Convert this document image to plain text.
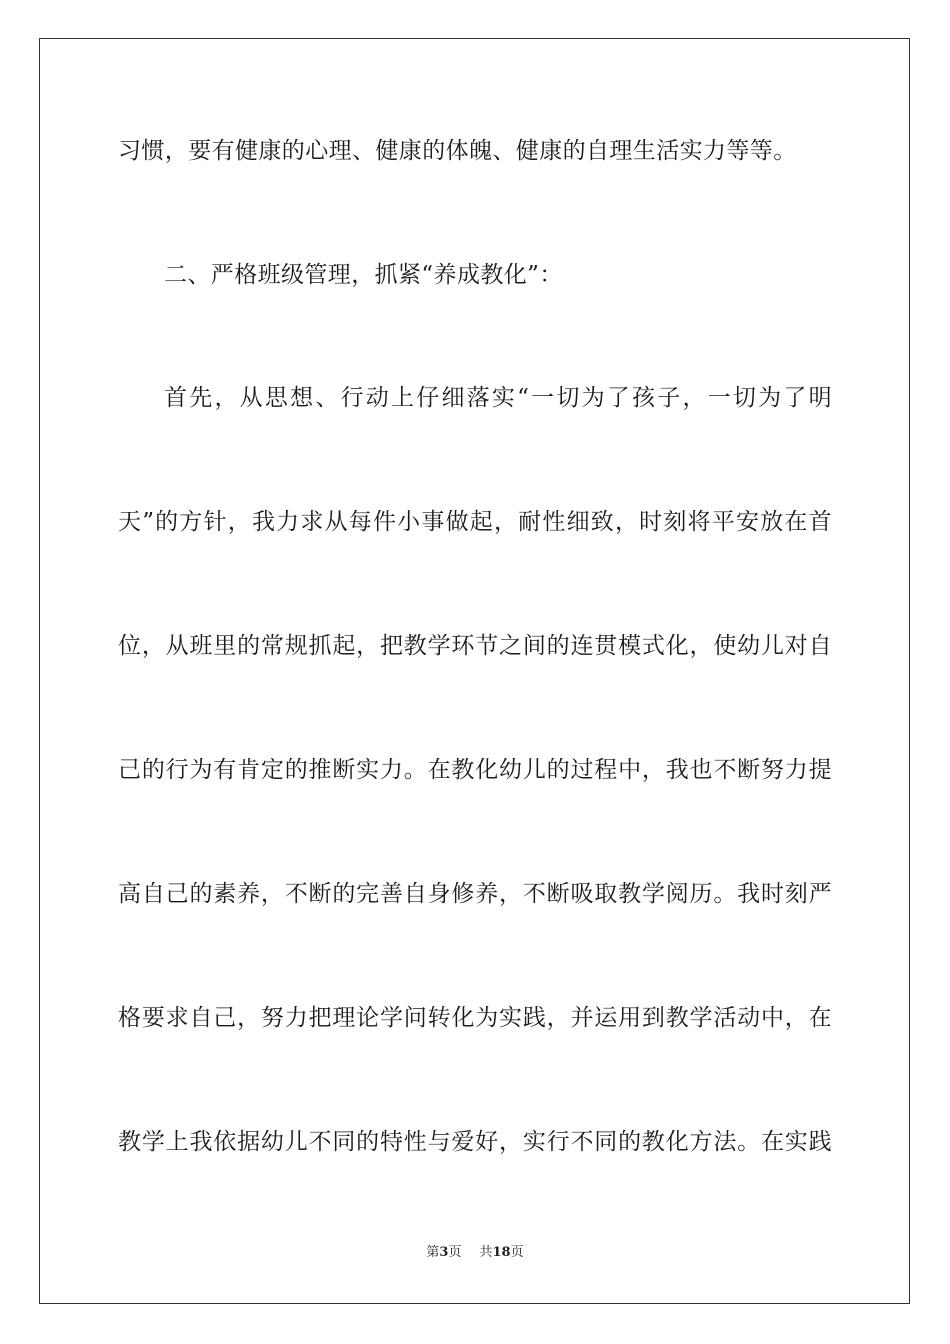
习惯，要有健康的心理、健康的体魄、健康的自理生活实力等等。
二、严格班级管理，抓紧“养成教化”：
首先，从思想、行动上仔细落实“一切为了孩子，一切为了明
天”的方针，我力求从每件小事做起，耐性细致，时刻将平安放在首
位，从班里的常规抓起，把教学环节之间的连贯模式化，使幼儿对自
己的行为有肯定的推断实力。在教化幼儿的过程中，我也不断努力提
高自己的素养，不断的完善自身修养，不断吸取教学阅历。我时刻严
格要求自己，努力把理论学问转化为实践，并运用到教学活动中，在
教学上我依据幼儿不同的特性与爱好，实行不同的教化方法。在实践
第3页 共18页
